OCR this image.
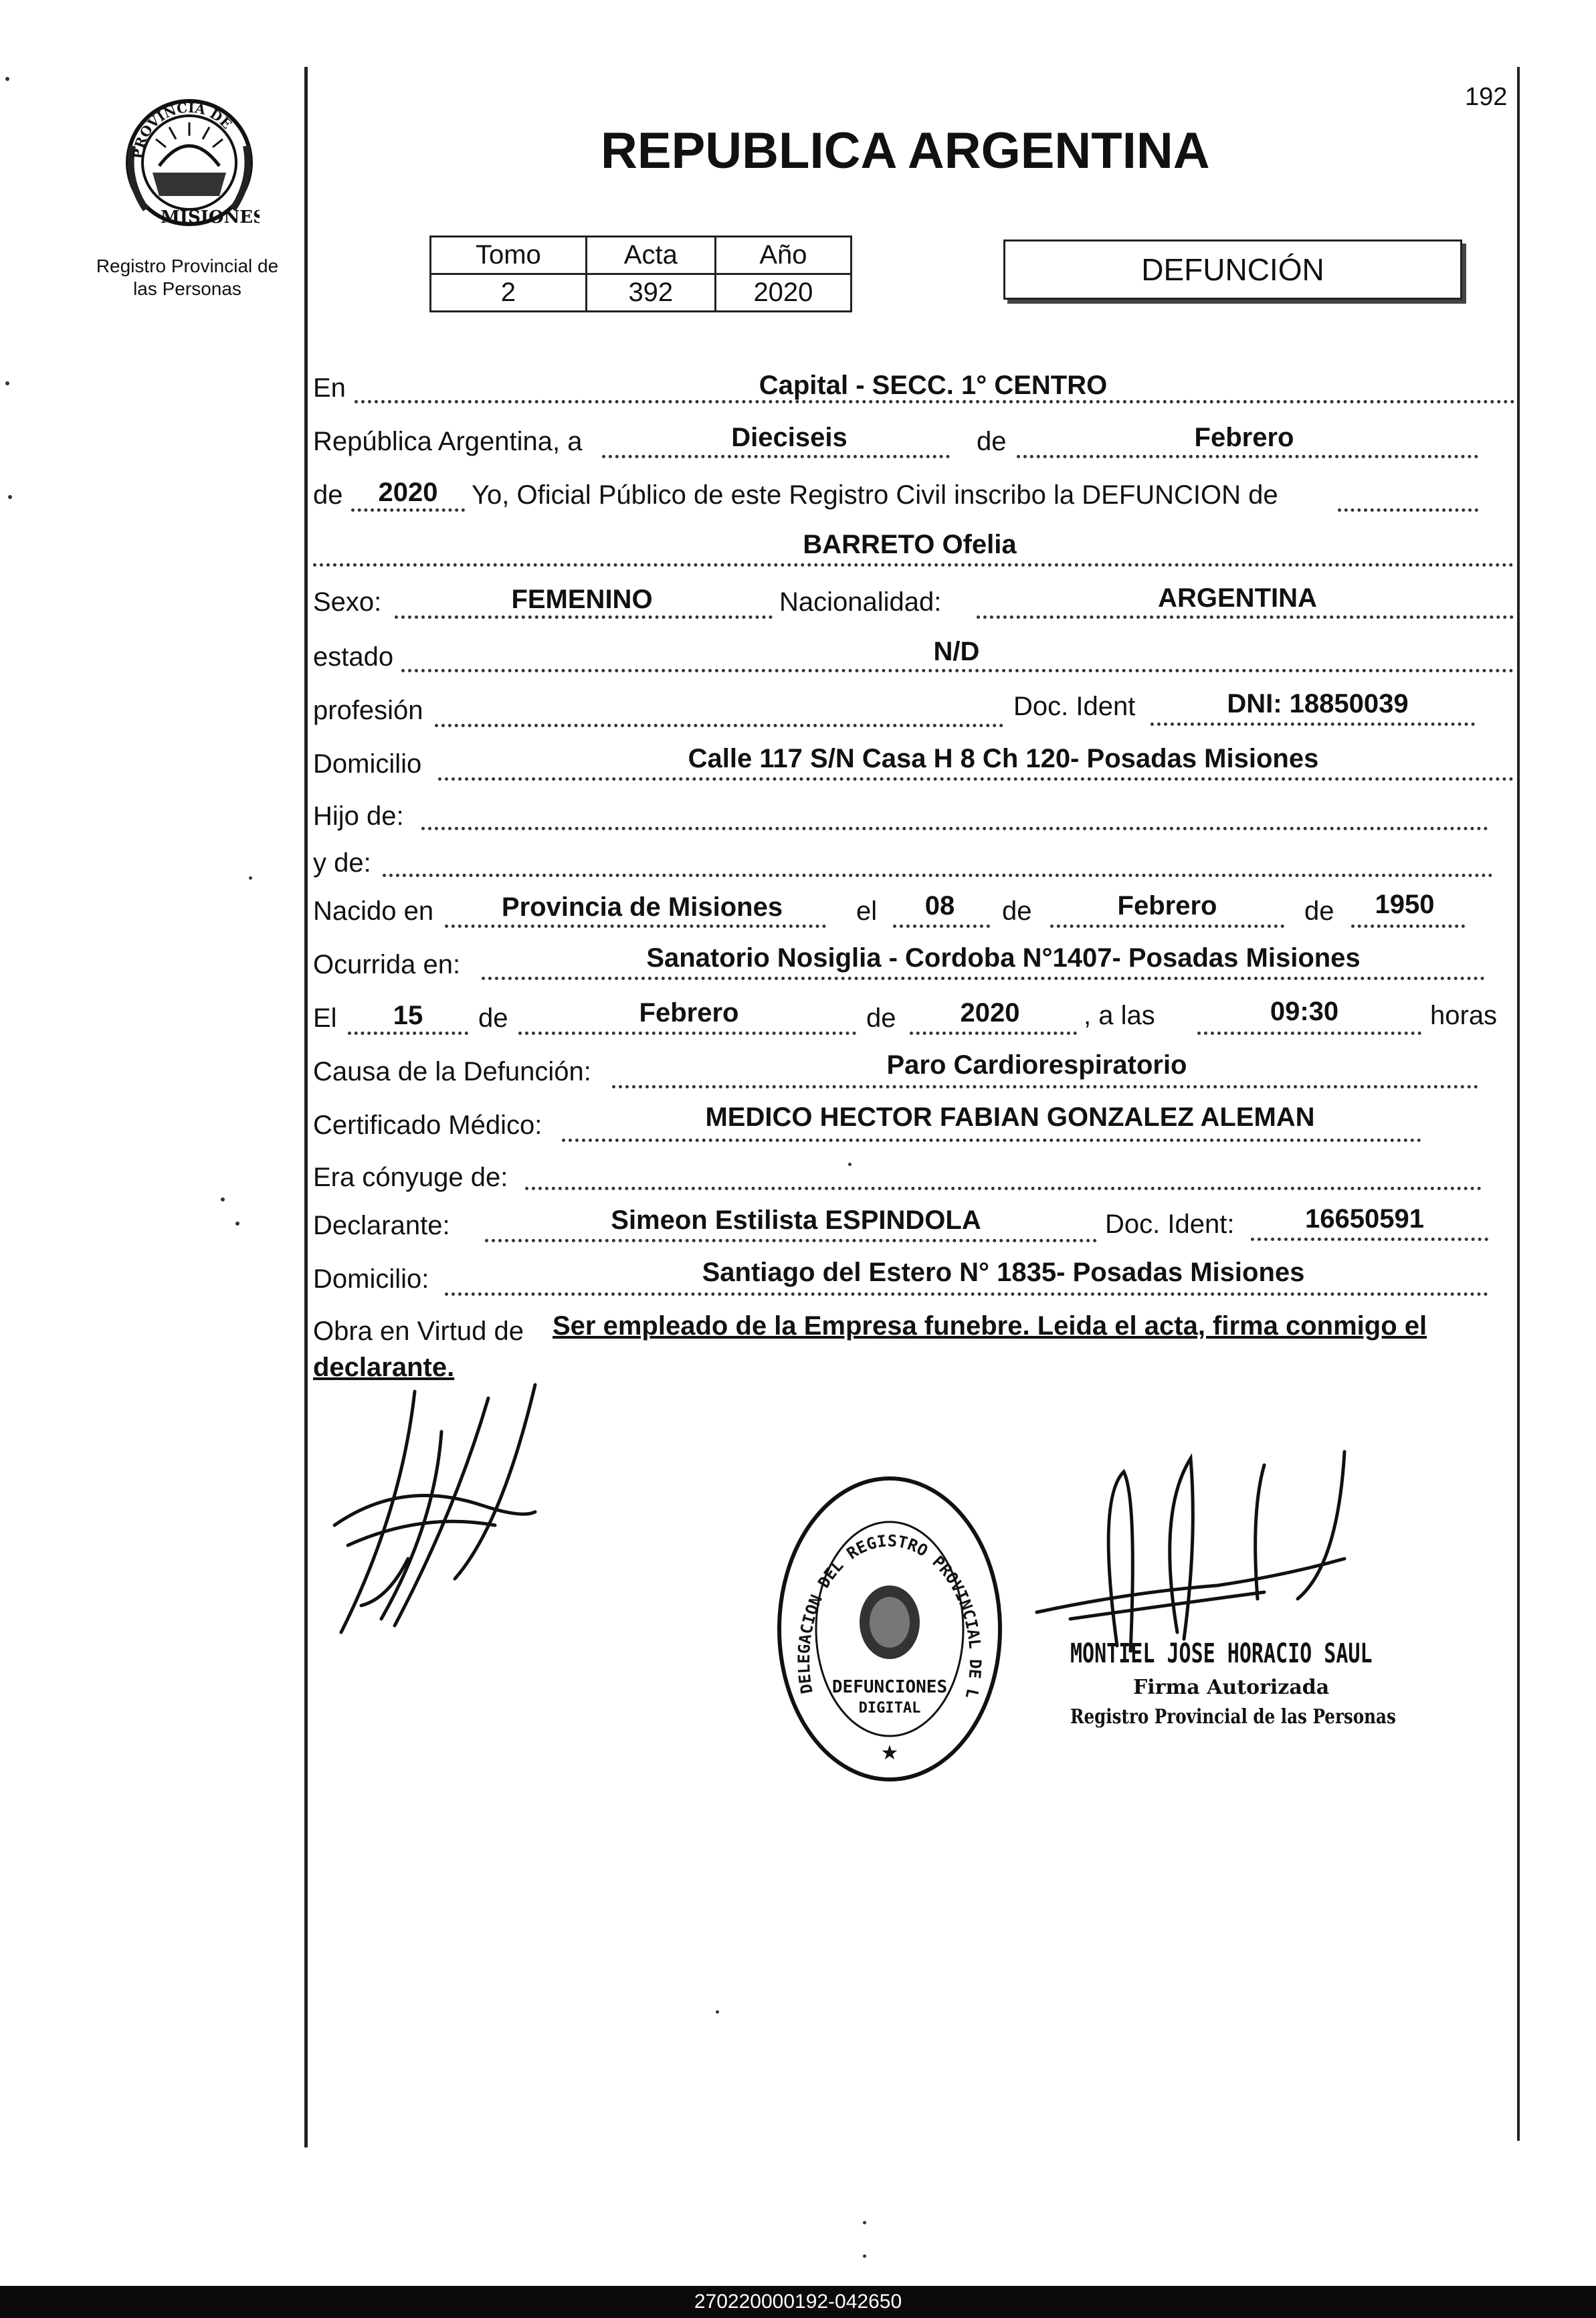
192
PROVINCIA DE
MISIONES
Registro Provincial de
las Personas
REPUBLICA ARGENTINA
Tomo	Acta	Año
2	392	2020
DEFUNCIÓN
En	Capital - SECC. 1° CENTRO
República Argentina, a	Dieciseis	de	Febrero
de	2020	Yo, Oficial Público de este Registro Civil inscribo la DEFUNCION de
BARRETO Ofelia
Sexo:	FEMENINO	Nacionalidad:	ARGENTINA
estado	N/D
profesión	Doc. Ident	DNI: 18850039
Domicilio	Calle 117 S/N Casa H 8 Ch 120- Posadas Misiones
Hijo de:
y de:
Nacido en	Provincia de Misiones	el	08	de	Febrero	de	1950
Ocurrida en:	Sanatorio Nosiglia - Cordoba N°1407- Posadas Misiones
El	15	de	Febrero	de	2020	, a las	09:30	horas
Causa de la Defunción:	Paro Cardiorespiratorio
Certificado Médico:	MEDICO HECTOR FABIAN GONZALEZ ALEMAN
Era cónyuge de:
Declarante:	Simeon Estilista ESPINDOLA	Doc. Ident:	16650591
Domicilio:	Santiago del Estero N° 1835- Posadas Misiones
Obra en Virtud de Ser empleado de la Empresa funebre. Leida el acta, firma conmigo el
declarante.
DELEGACION DEL REGISTRO PROVINCIAL DE L
DEFUNCIONES
DIGITAL
★
MONTIEL JOSE HORACIO SAUL
Firma Autorizada
Registro Provincial de las Personas
270220000192-042650
